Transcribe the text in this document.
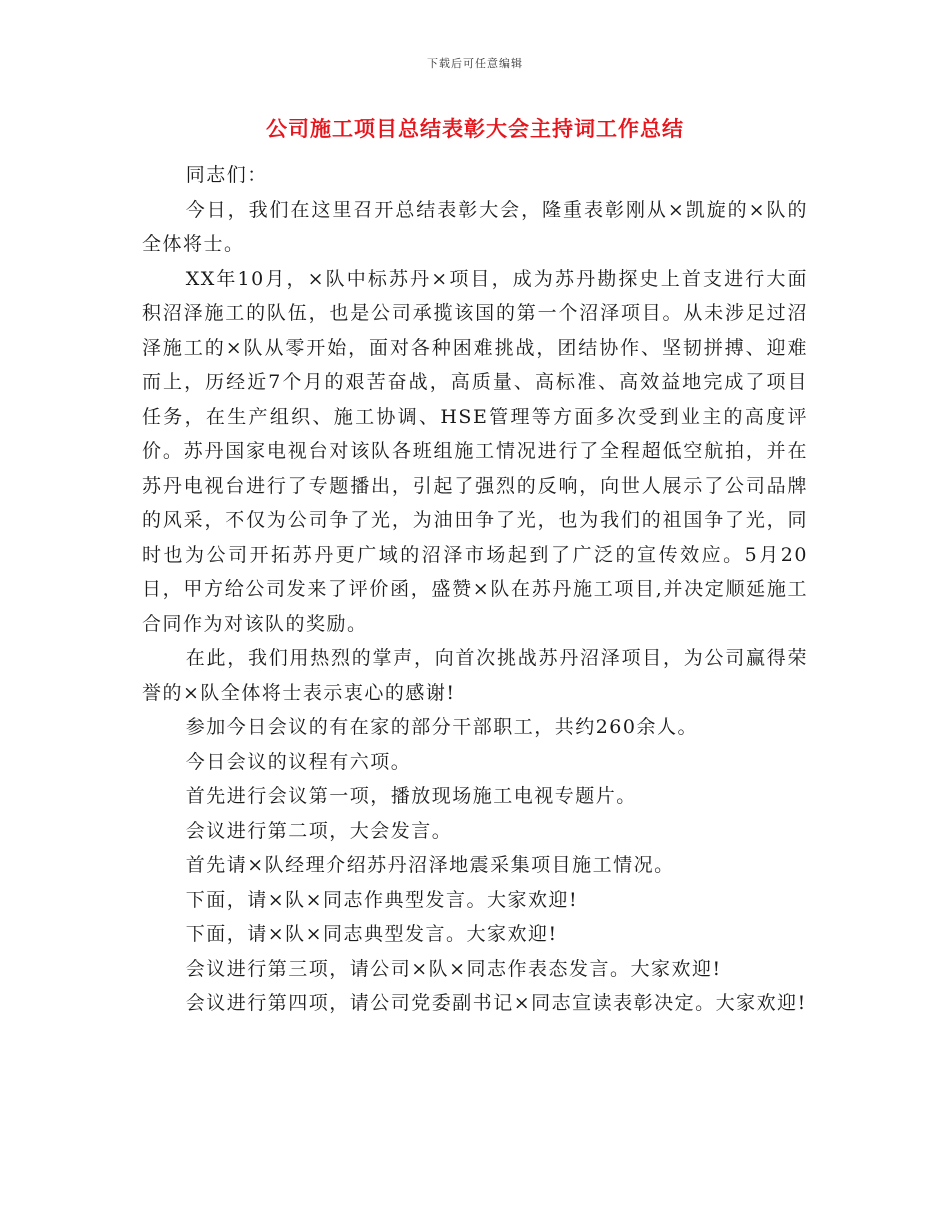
下载后可任意编辑
公司施工项目总结表彰大会主持词工作总结

同志们：

今日，我们在这里召开总结表彰大会，隆重表彰刚从×凯旋的×队的全体将士。

XX年10月，×队中标苏丹×项目，成为苏丹勘探史上首支进行大面积沼泽施工的队伍，也是公司承揽该国的第一个沼泽项目。从未涉足过沼泽施工的×队从零开始，面对各种困难挑战，团结协作、坚韧拼搏、迎难而上，历经近7个月的艰苦奋战，高质量、高标准、高效益地完成了项目任务，在生产组织、施工协调、HSE管理等方面多次受到业主的高度评价。苏丹国家电视台对该队各班组施工情况进行了全程超低空航拍，并在苏丹电视台进行了专题播出，引起了强烈的反响，向世人展示了公司品牌的风采，不仅为公司争了光，为油田争了光，也为我们的祖国争了光，同时也为公司开拓苏丹更广域的沼泽市场起到了广泛的宣传效应。5月20日，甲方给公司发来了评价函，盛赞×队在苏丹施工项目,并决定顺延施工合同作为对该队的奖励。

在此，我们用热烈的掌声，向首次挑战苏丹沼泽项目，为公司赢得荣誉的×队全体将士表示衷心的感谢!

参加今日会议的有在家的部分干部职工，共约260余人。

今日会议的议程有六项。

首先进行会议第一项，播放现场施工电视专题片。

会议进行第二项，大会发言。

首先请×队经理介绍苏丹沼泽地震采集项目施工情况。

下面，请×队×同志作典型发言。大家欢迎!

下面，请×队×同志典型发言。大家欢迎!

会议进行第三项，请公司×队×同志作表态发言。大家欢迎!

会议进行第四项，请公司党委副书记×同志宣读表彰决定。大家欢迎!
